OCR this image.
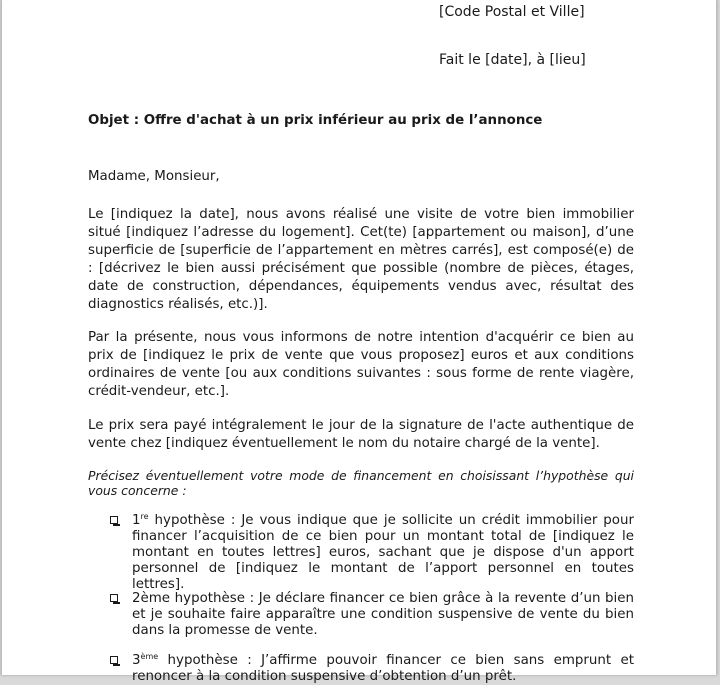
[Code Postal et Ville]
Fait le [date], à [lieu]
Objet : Offre d'achat à un prix inférieur au prix de l’annonce

Madame, Monsieur,

Le [indiquez la date], nous avons réalisé une visite de votre bien immobilier situé [indiquez l’adresse du logement]. Cet(te) [appartement ou maison], d’une superficie de [superficie de l’appartement en mètres carrés], est composé(e) de : [décrivez le bien aussi précisément que possible (nombre de pièces, étages, date de construction, dépendances, équipements vendus avec, résultat des diagnostics réalisés, etc.)].

Par la présente, nous vous informons de notre intention d'acquérir ce bien au prix de [indiquez le prix de vente que vous proposez] euros et aux conditions ordinaires de vente [ou aux conditions suivantes : sous forme de rente viagère, crédit-vendeur, etc.].

Le prix sera payé intégralement le jour de la signature de l'acte authentique de vente chez [indiquez éventuellement le nom du notaire chargé de la vente].

Précisez éventuellement votre mode de financement en choisissant l’hypothèse qui vous concerne :

1re hypothèse : Je vous indique que je sollicite un crédit immobilier pour financer l’acquisition de ce bien pour un montant total de [indiquez le montant en toutes lettres] euros, sachant que je dispose d'un apport personnel de [indiquez le montant de l’apport personnel en toutes lettres].

2ème hypothèse : Je déclare financer ce bien grâce à la revente d’un bien et je souhaite faire apparaître une condition suspensive de vente du bien dans la promesse de vente.

3ème hypothèse : J’affirme pouvoir financer ce bien sans emprunt et renoncer à la condition suspensive d’obtention d’un prêt.
